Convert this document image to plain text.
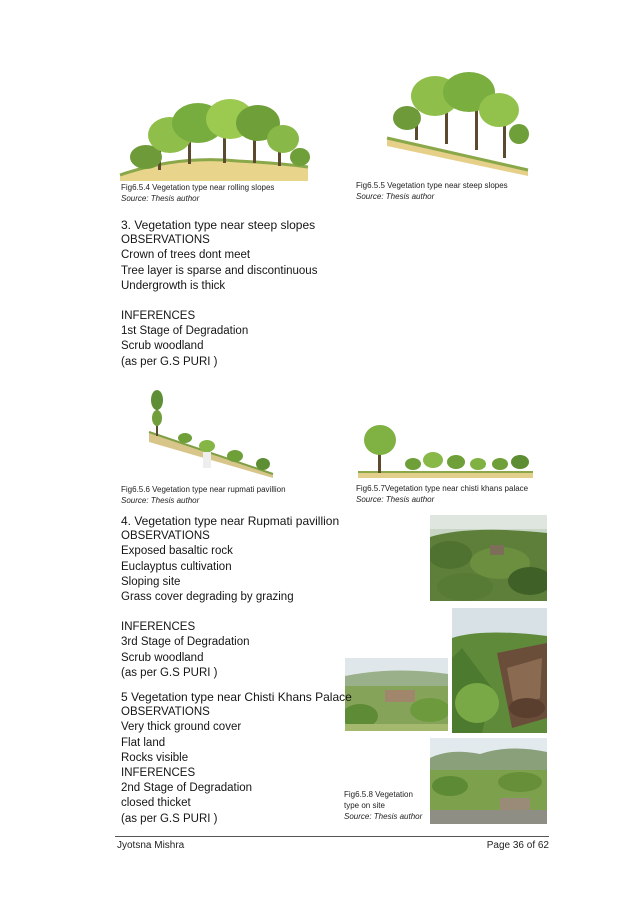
Fig6.5.4 Vegetation type near rolling slopes
Source: Thesis author
Fig6.5.5 Vegetation type near steep slopes
Source: Thesis author
3. Vegetation type near steep slopes
OBSERVATIONS
Crown of trees dont meet
Tree layer is sparse and discontinuous
Undergrowth is thick
INFERENCES
1st Stage of Degradation
Scrub woodland
(as per G.S PURI )
Fig6.5.6 Vegetation type near rupmati pavillion
Source: Thesis author
Fig6.5.7Vegetation type near chisti khans palace
Source: Thesis author
4. Vegetation type near Rupmati pavillion
OBSERVATIONS
Exposed basaltic rock
Euclayptus cultivation
Sloping site
Grass cover degrading by grazing
INFERENCES
3rd Stage of Degradation
Scrub woodland
(as per G.S PURI )
Fig6.5.8 Vegetation
type on site
Source: Thesis author
5 Vegetation type near Chisti Khans Palace
OBSERVATIONS
Very thick ground cover
Flat land
Rocks visible
INFERENCES
2nd Stage of Degradation
closed thicket
(as per G.S PURI )
Jyotsna Mishra	Page 36 of 62
